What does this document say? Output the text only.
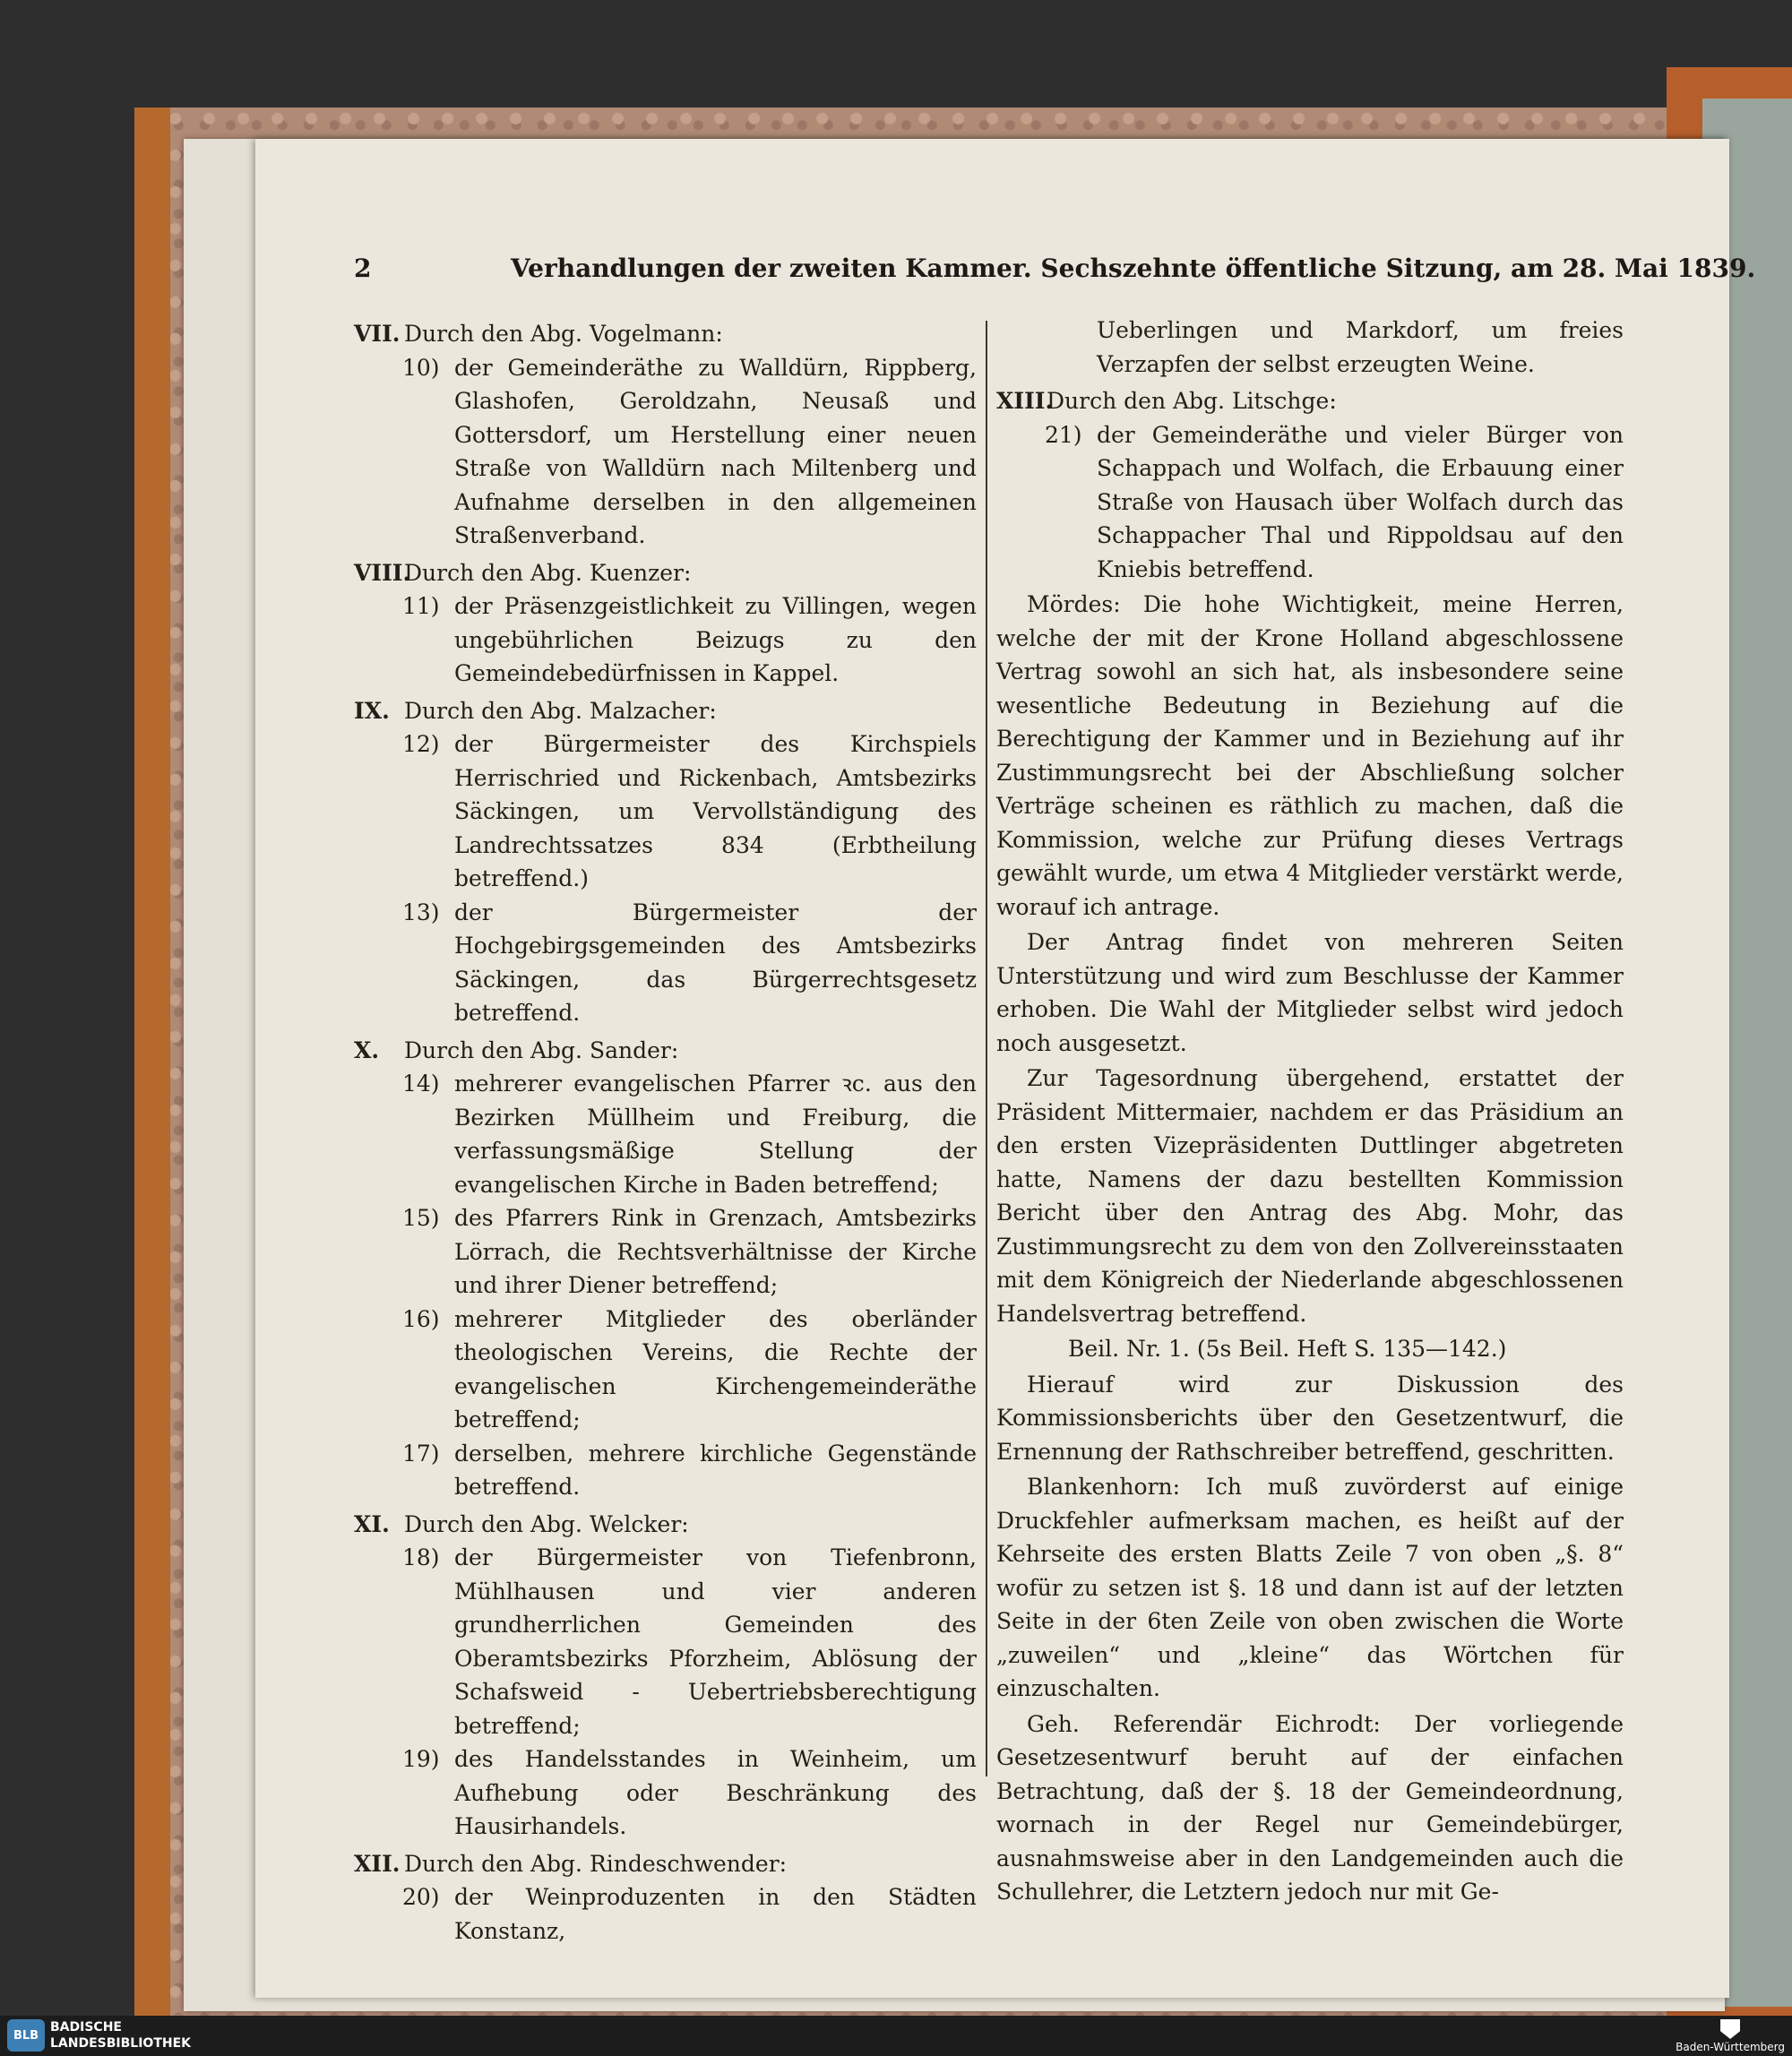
2	Verhandlungen der zweiten Kammer. Sechszehnte öffentliche Sitzung, am 28. Mai 1839.
VII. Durch den Abg. Vogelmann:
10) der Gemeinderäthe zu Walldürn, Rippberg, Glashofen, Geroldzahn, Neusaß und Gottersdorf, um Herstellung einer neuen Straße von Walldürn nach Miltenberg und Aufnahme derselben in den allgemeinen Straßenverband.
VIII.Durch den Abg. Kuenzer:
11) der Präsenzgeistlichkeit zu Villingen, wegen ungebührlichen Beizugs zu den Gemeindebedürfnissen in Kappel.
IX. Durch den Abg. Malzacher:
12) der Bürgermeister des Kirchspiels Herrischried und Rickenbach, Amtsbezirks Säckingen, um Vervollständigung des Landrechtssatzes 834 (Erbtheilung betreffend.)
13) der Bürgermeister der Hochgebirgsgemeinden des Amtsbezirks Säckingen, das Bürgerrechtsgesetz betreffend.
X. Durch den Abg. Sander:
14) mehrerer evangelischen Pfarrer ꝛc. aus den Bezirken Müllheim und Freiburg, die verfassungsmäßige Stellung der evangelischen Kirche in Baden betreffend;
15) des Pfarrers Rink in Grenzach, Amtsbezirks Lörrach, die Rechtsverhältnisse der Kirche und ihrer Diener betreffend;
16) mehrerer Mitglieder des oberländer theologischen Vereins, die Rechte der evangelischen Kirchengemeinderäthe betreffend;
17) derselben, mehrere kirchliche Gegenstände betreffend.
XI. Durch den Abg. Welcker:
18) der Bürgermeister von Tiefenbronn, Mühlhausen und vier anderen grundherrlichen Gemeinden des Oberamtsbezirks Pforzheim, Ablösung der Schafsweid - Uebertriebsberechtigung betreffend;
19) des Handelsstandes in Weinheim, um Aufhebung oder Beschränkung des Hausirhandels.
XII. Durch den Abg. Rindeschwender:
20) der Weinproduzenten in den Städten Konstanz,
Ueberlingen und Markdorf, um freies Verzapfen der selbst erzeugten Weine.
XIII.Durch den Abg. Litschge:
21) der Gemeinderäthe und vieler Bürger von Schappach und Wolfach, die Erbauung einer Straße von Hausach über Wolfach durch das Schappacher Thal und Rippoldsau auf den Kniebis betreffend.

Mördes: Die hohe Wichtigkeit, meine Herren, welche der mit der Krone Holland abgeschlossene Vertrag sowohl an sich hat, als insbesondere seine wesentliche Bedeutung in Beziehung auf die Berechtigung der Kammer und in Beziehung auf ihr Zustimmungsrecht bei der Abschließung solcher Verträge scheinen es räthlich zu machen, daß die Kommission, welche zur Prüfung dieses Vertrags gewählt wurde, um etwa 4 Mitglieder verstärkt werde, worauf ich antrage.

Der Antrag findet von mehreren Seiten Unterstützung und wird zum Beschlusse der Kammer erhoben. Die Wahl der Mitglieder selbst wird jedoch noch ausgesetzt.

Zur Tagesordnung übergehend, erstattet der Präsident Mittermaier, nachdem er das Präsidium an den ersten Vizepräsidenten Duttlinger abgetreten hatte, Namens der dazu bestellten Kommission Bericht über den Antrag des Abg. Mohr, das Zustimmungsrecht zu dem von den Zollvereinsstaaten mit dem Königreich der Niederlande abgeschlossenen Handelsvertrag betreffend.

Beil. Nr. 1. (5s Beil. Heft S. 135—142.)

Hierauf wird zur Diskussion des Kommissionsberichts über den Gesetzentwurf, die Ernennung der Rathschreiber betreffend, geschritten.

Blankenhorn: Ich muß zuvörderst auf einige Druckfehler aufmerksam machen, es heißt auf der Kehrseite des ersten Blatts Zeile 7 von oben „§. 8“ wofür zu setzen ist §. 18 und dann ist auf der letzten Seite in der 6ten Zeile von oben zwischen die Worte „zuweilen“ und „kleine“ das Wörtchen für einzuschalten.

Geh. Referendär Eichrodt: Der vorliegende Gesetzesentwurf beruht auf der einfachen Betrachtung, daß der §. 18 der Gemeindeordnung, wornach in der Regel nur Gemeindebürger, ausnahmsweise aber in den Landgemeinden auch die Schullehrer, die Letztern jedoch nur mit Ge-

BLB
BADISCHE
LANDESBIBLIOTHEK	Baden-Württemberg
